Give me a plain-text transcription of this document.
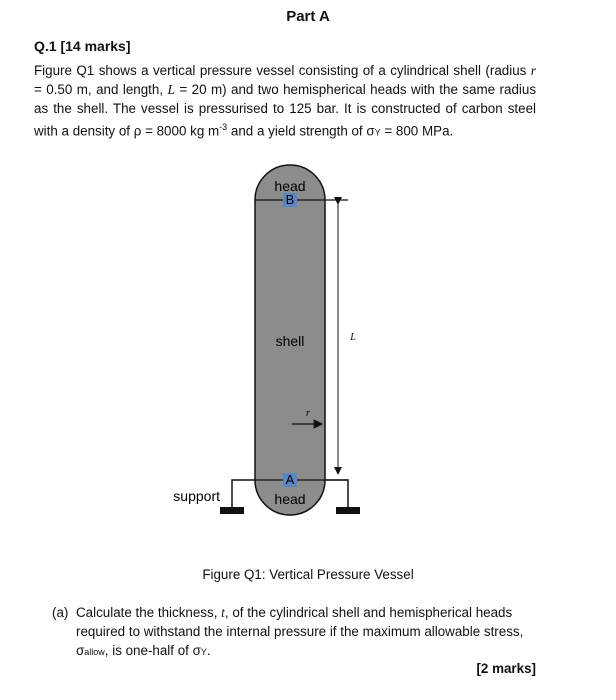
Part A
Q.1 [14 marks]
Figure Q1 shows a vertical pressure vessel consisting of a cylindrical shell (radius r = 0.50 m, and length, L = 20 m) and two hemispherical heads with the same radius as the shell. The vessel is pressurised to 125 bar. It is constructed of carbon steel with a density of ρ = 8000 kg $m^{-3}$ and a yield strength of σY = 800 MPa.
B
head
shell
r
L
A
head
support
Figure Q1: Vertical Pressure Vessel
(a) Calculate the thickness, t, of the cylindrical shell and hemispherical heads required to withstand the internal pressure if the maximum allowable stress, σallow, is one-half of σY.
[2 marks]
